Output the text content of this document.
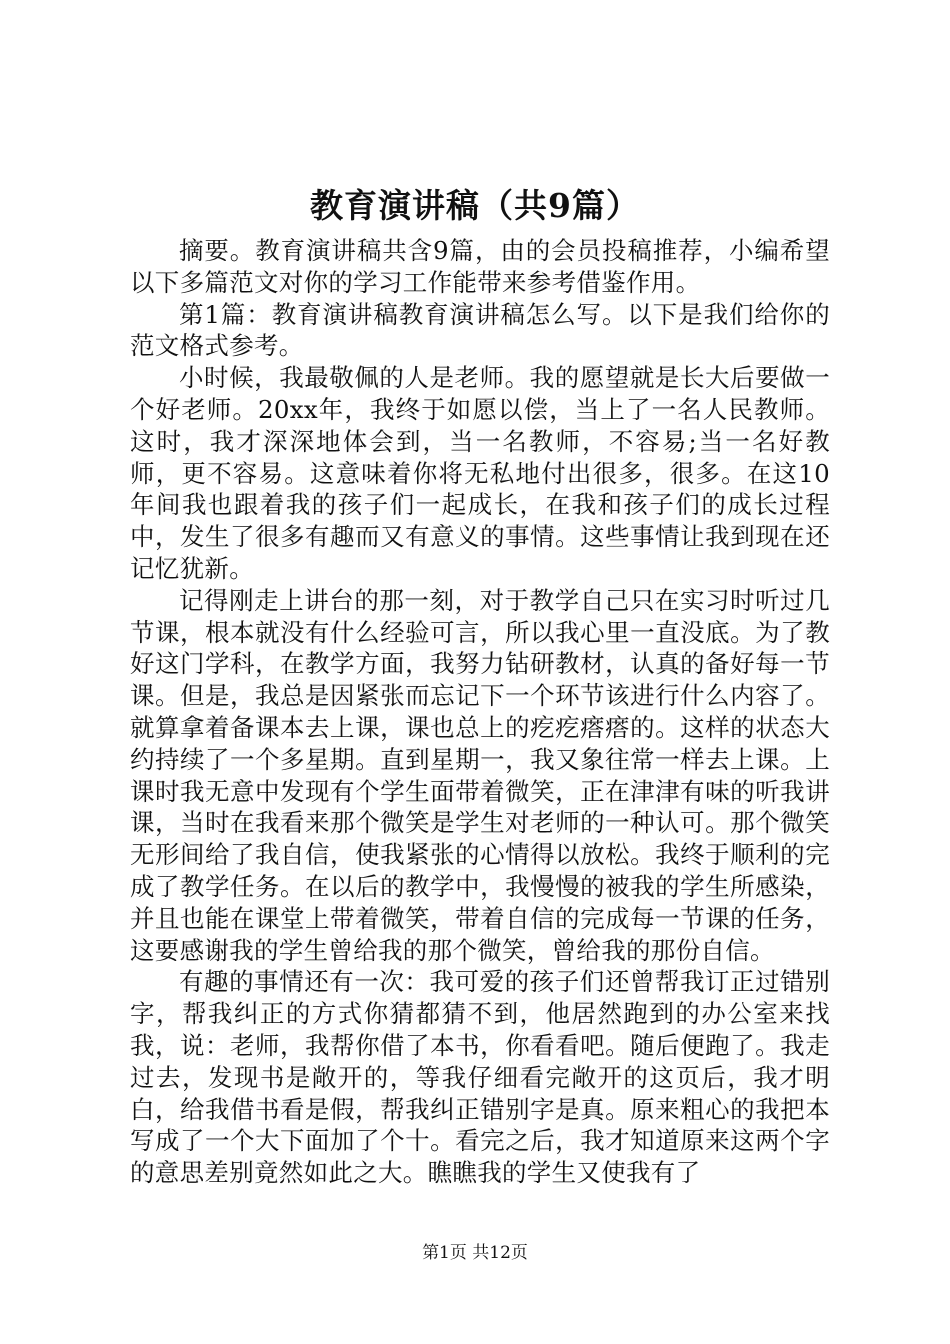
教育演讲稿（共9篇）

摘要。教育演讲稿共含9篇，由的会员投稿推荐，小编希望以下多篇范文对你的学习工作能带来参考借鉴作用。

第1篇：教育演讲稿教育演讲稿怎么写。以下是我们给你的范文格式参考。

小时候，我最敬佩的人是老师。我的愿望就是长大后要做一个好老师。20xx年，我终于如愿以偿，当上了一名人民教师。这时，我才深深地体会到，当一名教师，不容易;当一名好教师，更不容易。这意味着你将无私地付出很多，很多。在这10年间我也跟着我的孩子们一起成长，在我和孩子们的成长过程中，发生了很多有趣而又有意义的事情。这些事情让我到现在还记忆犹新。

记得刚走上讲台的那一刻，对于教学自己只在实习时听过几节课，根本就没有什么经验可言，所以我心里一直没底。为了教好这门学科，在教学方面，我努力钻研教材，认真的备好每一节课。但是，我总是因紧张而忘记下一个环节该进行什么内容了。就算拿着备课本去上课，课也总上的疙疙瘩瘩的。这样的状态大约持续了一个多星期。直到星期一，我又象往常一样去上课。上课时我无意中发现有个学生面带着微笑，正在津津有味的听我讲课，当时在我看来那个微笑是学生对老师的一种认可。那个微笑无形间给了我自信，使我紧张的心情得以放松。我终于顺利的完成了教学任务。在以后的教学中，我慢慢的被我的学生所感染，并且也能在课堂上带着微笑，带着自信的完成每一节课的任务，这要感谢我的学生曾给我的那个微笑，曾给我的那份自信。

有趣的事情还有一次：我可爱的孩子们还曾帮我订正过错别字，帮我纠正的方式你猜都猜不到，他居然跑到的办公室来找我，说：老师，我帮你借了本书，你看看吧。随后便跑了。我走过去，发现书是敞开的，等我仔细看完敞开的这页后，我才明白，给我借书看是假，帮我纠正错别字是真。原来粗心的我把本写成了一个大下面加了个十。看完之后，我才知道原来这两个字的意思差别竟然如此之大。瞧瞧我的学生又使我有了

第1页 共12页
